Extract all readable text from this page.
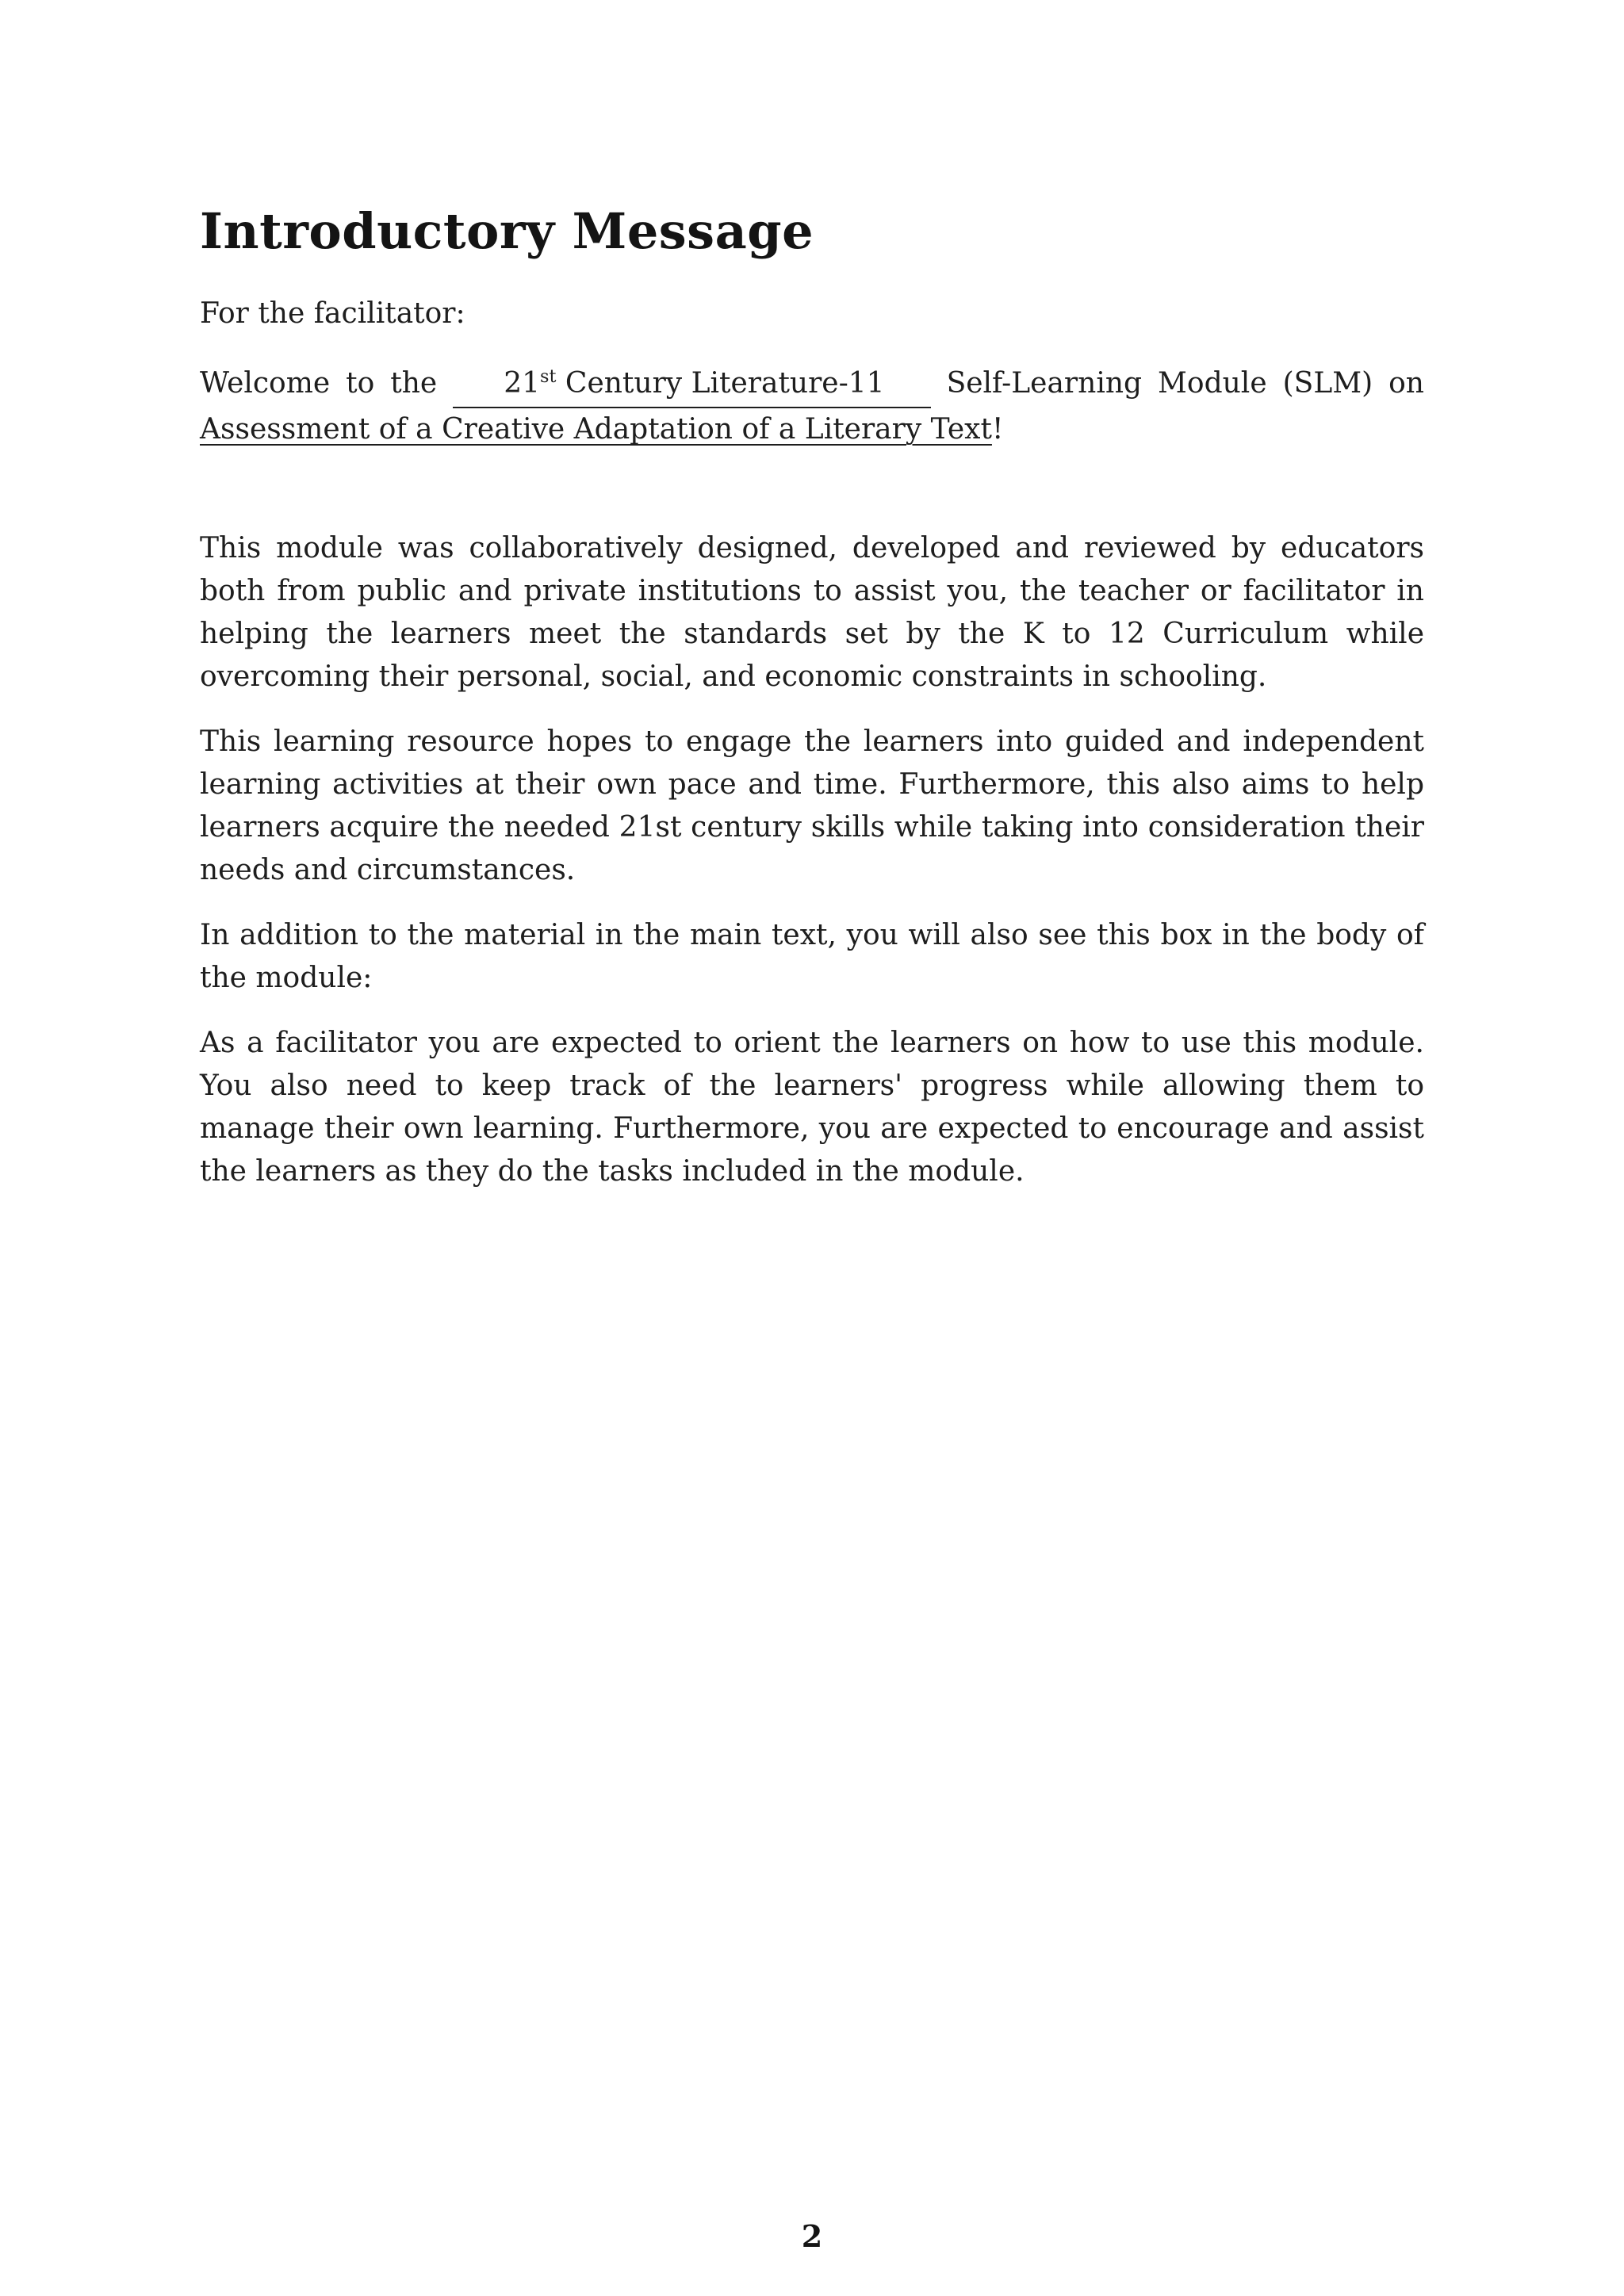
Introductory Message

For the facilitator:

Welcome to the 21st Century Literature-11 Self-Learning Module (SLM) on Assessment of a Creative Adaptation of a Literary Text!

This module was collaboratively designed, developed and reviewed by educators both from public and private institutions to assist you, the teacher or facilitator in helping the learners meet the standards set by the K to 12 Curriculum while overcoming their personal, social, and economic constraints in schooling.

This learning resource hopes to engage the learners into guided and independent learning activities at their own pace and time. Furthermore, this also aims to help learners acquire the needed 21st century skills while taking into consideration their needs and circumstances.

In addition to the material in the main text, you will also see this box in the body of the module:

As a facilitator you are expected to orient the learners on how to use this module. You also need to keep track of the learners' progress while allowing them to manage their own learning. Furthermore, you are expected to encourage and assist the learners as they do the tasks included in the module.

2
